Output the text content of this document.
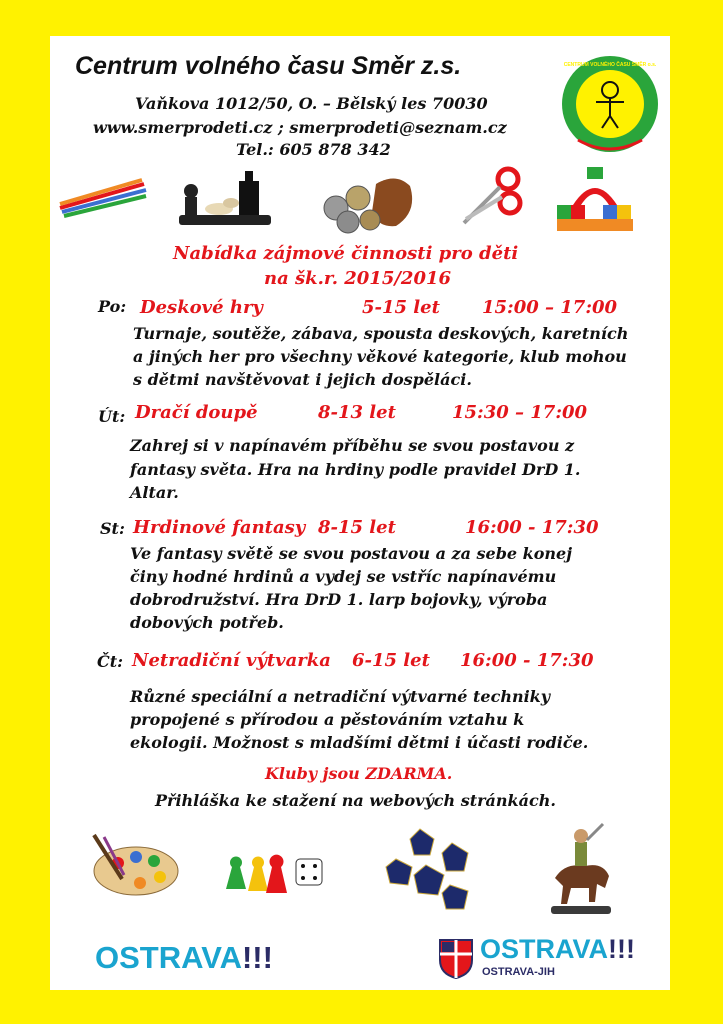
Centrum volného času Směr z.s.
Vaňkova 1012/50, O. – Bělský les 70030
www.smerprodeti.cz ; smerprodeti@seznam.cz
Tel.: 605 878 342
CENTRUM VOLNÉHO ČASU SMĚR o.s.
Nabídka zájmové činnosti pro děti
na šk.r. 2015/2016
Po: Deskové hry	5-15 let 15:00 – 17:00
Turnaje, soutěže, zábava, spousta deskových, karetních
a jiných her pro všechny věkové kategorie, klub mohou
s dětmi navštěvovat i jejich dospěláci.
Út: Dračí doupě	8-13 let	15:30 – 17:00
Zahrej si v napínavém příběhu se svou postavou z
fantasy světa. Hra na hrdiny podle pravidel DrD 1.
Altar.
St: Hrdinové fantasy 8-15 let	16:00 - 17:30
Ve fantasy světě se svou postavou a za sebe konej
činy hodné hrdinů a vydej se vstříc napínavému
dobrodružství. Hra DrD 1. larp bojovky, výroba
dobových potřeb.
Čt: Netradiční výtvarka 6-15 let 16:00 - 17:30
Různé speciální a netradiční výtvarné techniky
propojené s přírodou a pěstováním vztahu k
ekologii. Možnost s mladšími dětmi i účasti rodiče.
Kluby jsou ZDARMA.
Přihláška ke stažení na webových stránkách.
OSTRAVA!!!	OSTRAVA!!!
OSTRAVA-JIH
